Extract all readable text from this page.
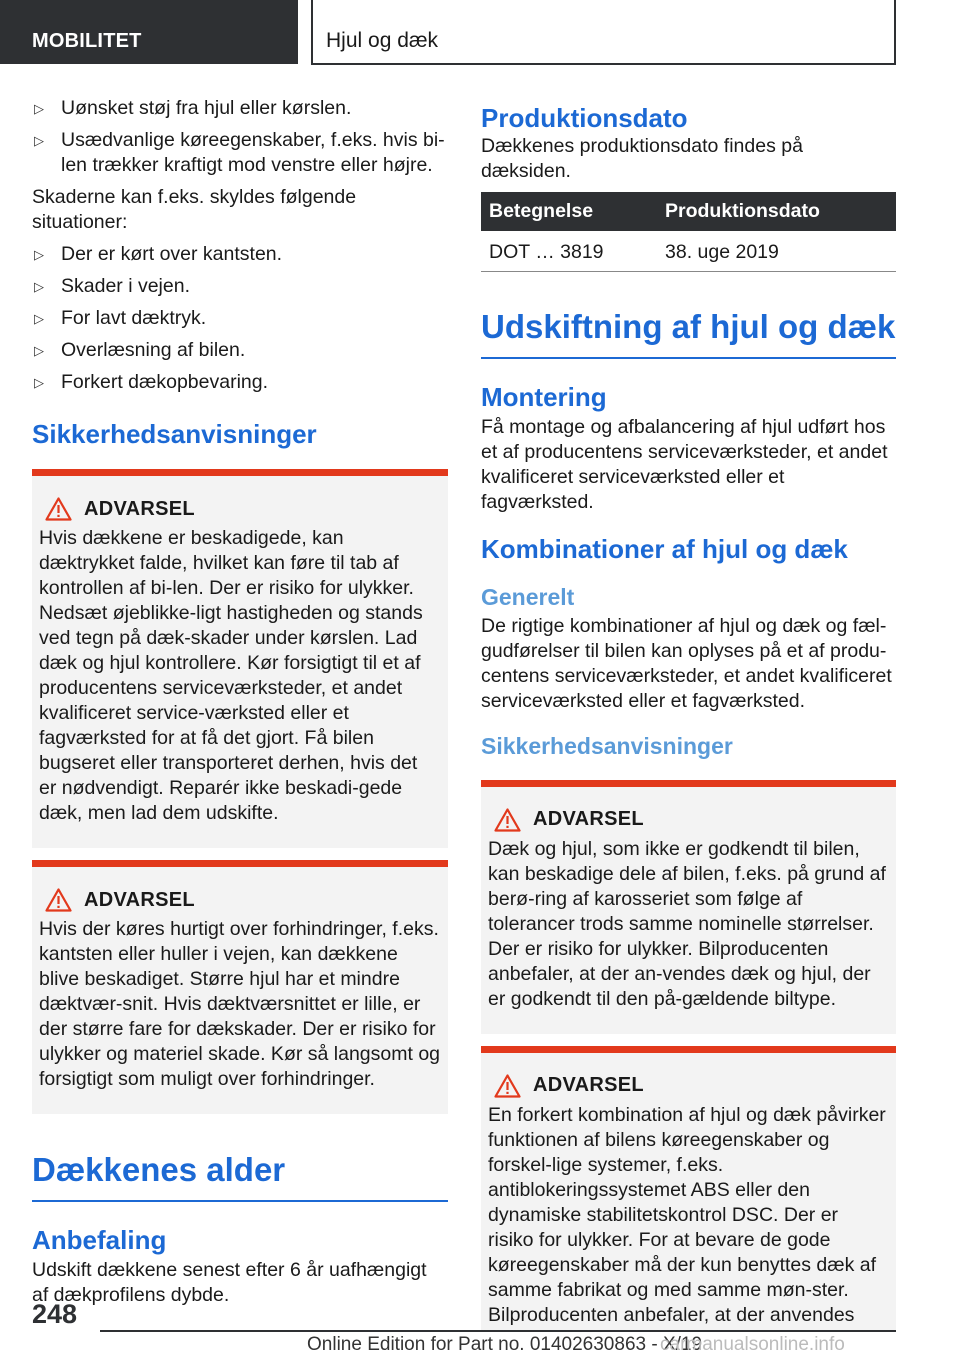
MOBILITET	Hjul og dæk
▷ Uønsket støj fra hjul eller kørslen.
▷ Usædvanlige køreegenskaber, f.eks. hvis bi-len trækker kraftigt mod venstre eller højre.
Skaderne kan f.eks. skyldes følgende situationer:
▷ Der er kørt over kantsten.
▷ Skader i vejen.
▷ For lavt dæktryk.
▷ Overlæsning af bilen.
▷ Forkert dækopbevaring.
Sikkerhedsanvisninger
ADVARSEL
Hvis dækkene er beskadigede, kan dæktrykket falde, hvilket kan føre til tab af kontrollen af bi-len. Der er risiko for ulykker. Nedsæt øjeblikke-ligt hastigheden og stands ved tegn på dæk-skader under kørslen. Lad dæk og hjul kontrollere. Kør forsigtigt til et af producentens serviceværksteder, et andet kvalificeret service-værksted eller et fagværksted for at få det gjort. Få bilen bugseret eller transporteret derhen, hvis det er nødvendigt. Reparér ikke beskadi-gede dæk, men lad dem udskifte.
ADVARSEL
Hvis der køres hurtigt over forhindringer, f.eks. kantsten eller huller i vejen, kan dækkene blive beskadiget. Større hjul har et mindre dæktvær-snit. Hvis dæktværsnittet er lille, er der større fare for dækskader. Der er risiko for ulykker og materiel skade. Kør så langsomt og forsigtigt som muligt over forhindringer.
Dækkenes alder
Anbefaling
Udskift dækkene senest efter 6 år uafhængigt af dækprofilens dybde.
Produktionsdato
Dækkenes produktionsdato findes på dæksiden.
Betegnelse	Produktionsdato
DOT … 3819	38. uge 2019
Udskiftning af hjul og dæk
Montering
Få montage og afbalancering af hjul udført hos et af producentens serviceværksteder, et andet kvalificeret serviceværksted eller et fagværksted.
Kombinationer af hjul og dæk
Generelt
De rigtige kombinationer af hjul og dæk og fæl-gudførelser til bilen kan oplyses på et af produ-centens serviceværksteder, et andet kvalificeret serviceværksted eller et fagværksted.
Sikkerhedsanvisninger
ADVARSEL
Dæk og hjul, som ikke er godkendt til bilen, kan beskadige dele af bilen, f.eks. på grund af berø-ring af karosseriet som følge af tolerancer trods samme nominelle størrelser. Der er risiko for ulykker. Bilproducenten anbefaler, at der an-vendes dæk og hjul, der er godkendt til den på-gældende biltype.
ADVARSEL
En forkert kombination af hjul og dæk påvirker funktionen af bilens køreegenskaber og forskel-lige systemer, f.eks. antiblokeringssystemet ABS eller den dynamiske stabilitetskontrol DSC. Der er risiko for ulykker. For at bevare de gode køreegenskaber må der kun benyttes dæk af samme fabrikat og med samme møn-ster. Bilproducenten anbefaler, at der anvendes
248
Online Edition for Part no. 01402630863 - X/19
carmanualsonline.info
